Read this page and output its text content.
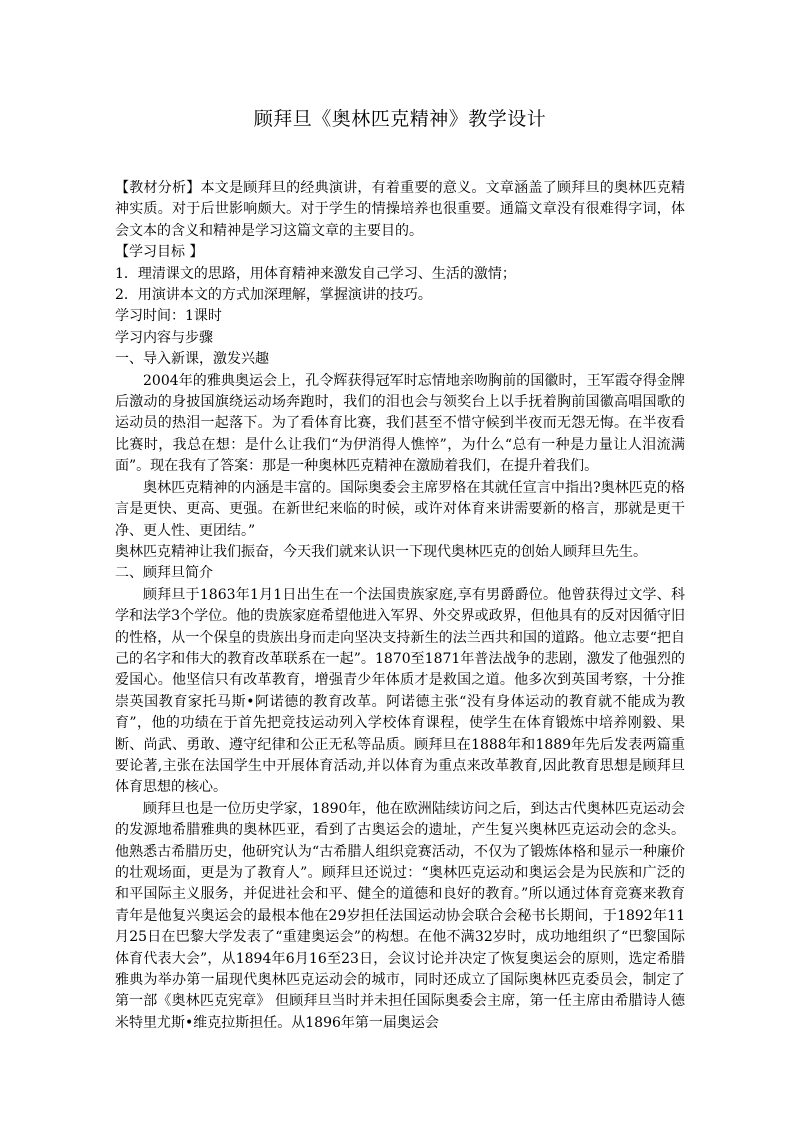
顾拜旦《奥林匹克精神》教学设计

【教材分析】本文是顾拜旦的经典演讲，有着重要的意义。文章涵盖了顾拜旦的奥林匹克精神实质。对于后世影响颇大。对于学生的情操培养也很重要。通篇文章没有很难得字词，体会文本的含义和精神是学习这篇文章的主要目的。

【学习目标 】

1．理清课文的思路，用体育精神来激发自己学习、生活的激情；

2．用演讲本文的方式加深理解，掌握演讲的技巧。

学习时间：1课时

学习内容与步骤

一、导入新课，激发兴趣

2004年的雅典奥运会上，孔令辉获得冠军时忘情地亲吻胸前的国徽时，王军霞夺得金牌后激动的身披国旗绕运动场奔跑时，我们的泪也会与领奖台上以手抚着胸前国徽高唱国歌的运动员的热泪一起落下。为了看体育比赛，我们甚至不惜守候到半夜而无怨无悔。在半夜看比赛时，我总在想：是什么让我们“为伊消得人憔悴”，为什么“总有一种是力量让人泪流满面”。现在我有了答案：那是一种奥林匹克精神在激励着我们，在提升着我们。

奥林匹克精神的内涵是丰富的。国际奥委会主席罗格在其就任宣言中指出?奥林匹克的格言是更快、更高、更强。在新世纪来临的时候，或许对体育来讲需要新的格言，那就是更干净、更人性、更团结。”

奥林匹克精神让我们振奋，今天我们就来认识一下现代奥林匹克的创始人顾拜旦先生。

二、顾拜旦简介

顾拜旦于1863年1月1日出生在一个法国贵族家庭,享有男爵爵位。他曾获得过文学、科学和法学3个学位。他的贵族家庭希望他进入军界、外交界或政界，但他具有的反对因循守旧的性格，从一个保皇的贵族出身而走向坚决支持新生的法兰西共和国的道路。他立志要“把自己的名字和伟大的教育改革联系在一起”。1870至1871年普法战争的悲剧，激发了他强烈的爱国心。他坚信只有改革教育，增强青少年体质才是救国之道。他多次到英国考察，十分推崇英国教育家托马斯•阿诺德的教育改革。阿诺德主张“没有身体运动的教育就不能成为教育”，他的功绩在于首先把竞技运动列入学校体育课程，使学生在体育锻炼中培养刚毅、果断、尚武、勇敢、遵守纪律和公正无私等品质。顾拜旦在1888年和1889年先后发表两篇重要论著,主张在法国学生中开展体育活动,并以体育为重点来改革教育,因此教育思想是顾拜旦体育思想的核心。

顾拜旦也是一位历史学家，1890年，他在欧洲陆续访问之后，到达古代奥林匹克运动会的发源地希腊雅典的奥林匹亚，看到了古奥运会的遗址，产生复兴奥林匹克运动会的念头。他熟悉古希腊历史，他研究认为“古希腊人组织竞赛活动，不仅为了锻炼体格和显示一种廉价的壮观场面，更是为了教育人”。顾拜旦还说过：“奥林匹克运动和奥运会是为民族和广泛的和平国际主义服务，并促进社会和平、健全的道德和良好的教育。”所以通过体育竞赛来教育青年是他复兴奥运会的最根本他在29岁担任法国运动协会联合会秘书长期间，于1892年11月25日在巴黎大学发表了“重建奥运会”的构想。在他不满32岁时，成功地组织了“巴黎国际体育代表大会”，从1894年6月16至23日，会议讨论并决定了恢复奥运会的原则，选定希腊雅典为举办第一届现代奥林匹克运动会的城市，同时还成立了国际奥林匹克委员会，制定了第一部《奥林匹克宪章》 但顾拜旦当时并未担任国际奥委会主席，第一任主席由希腊诗人德米特里尤斯•维克拉斯担任。从1896年第一届奥运会
